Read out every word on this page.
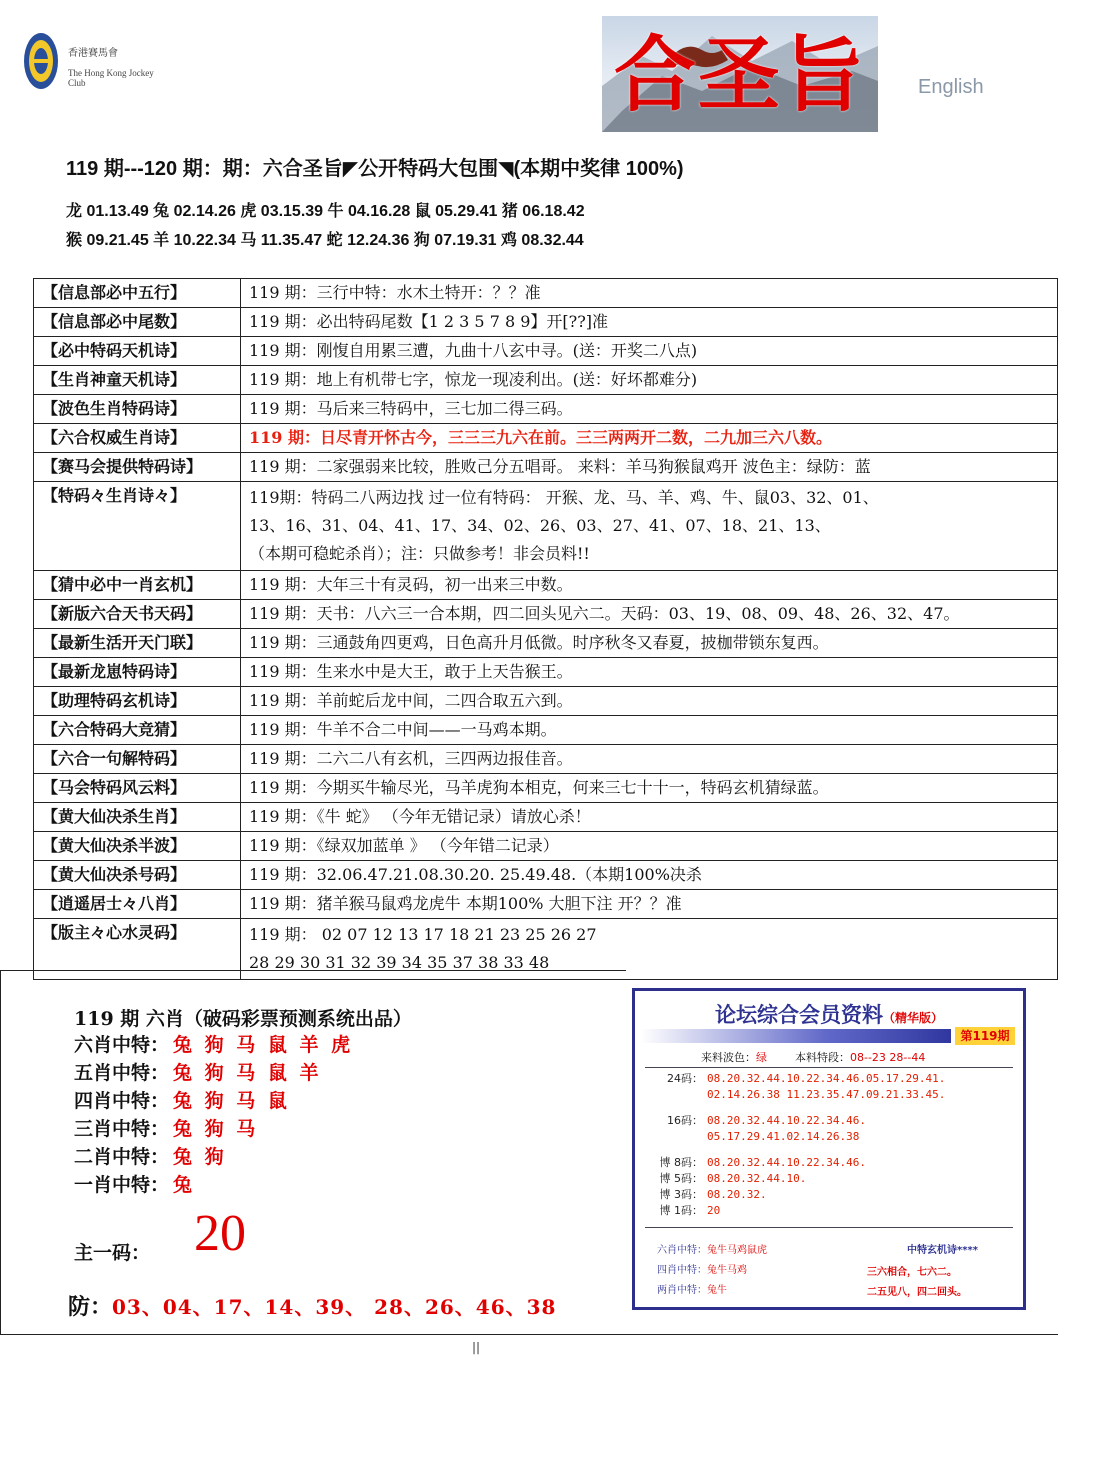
香港賽馬會
The Hong Kong Jockey Club	合圣旨	English
119 期---120 期：期：六合圣旨◤公开特码大包围◥(本期中奖律 100%)
龙 01.13.49 兔 02.14.26 虎 03.15.39 牛 04.16.28 鼠 05.29.41 猪 06.18.42
猴 09.21.45 羊 10.22.34 马 11.35.47 蛇 12.24.36 狗 07.19.31 鸡 08.32.44
【信息部必中五行】	119 期：三行中特：水木土特开：？？准

【信息部必中尾数】	119 期：必出特码尾数【1 2 3 5 7 8 9】开[??]准

【必中特码天机诗】	119 期：刚愎自用累三遭，九曲十八玄中寻。(送：开奖二八点)

【生肖神童天机诗】	119 期：地上有机带七字，惊龙一现凌利出。(送：好坏都难分)

【波色生肖特码诗】	119 期：马后来三特码中，三七加二得三码。

【六合权威生肖诗】	119 期：日尽青开怀古今，三三三九六在前。三三两两开二数，二九加三六八数。

【赛马会提供特码诗】	119 期：二家强弱来比较，胜败己分五唱哥。 来料：羊马狗猴鼠鸡开 波色主：绿防：蓝

【特码々生肖诗々】	119期：特码二八两边找 过一位有特码： 开猴、龙、马、羊、鸡、牛、鼠03、32、01、
13、16、31、04、41、17、34、02、26、03、27、41、07、18、21、13、
（本期可稳蛇杀肖）；注：只做参考！非会员料!!

【猜中必中一肖玄机】	119 期：大年三十有灵码，初一出来三中数。

【新版六合天书天码】	119 期：天书：八六三一合本期，四二回头见六二。天码：03、19、08、09、48、26、32、47。

【最新生活开天门联】	119 期：三通鼓角四更鸡，日色高升月低微。时序秋冬又春夏，披枷带锁东复西。

【最新龙崽特码诗】	119 期：生来水中是大王，敢于上天告猴王。

【助理特码玄机诗】	119 期：羊前蛇后龙中间，二四合取五六到。

【六合特码大竞猜】	119 期：牛羊不合二中间——一马鸡本期。

【六合一句解特码】	119 期：二六二八有玄机，三四两边报佳音。

【马会特码风云料】	119 期：今期买牛输尽光，马羊虎狗本相克，何来三七十十一，特码玄机猜绿蓝。

【黄大仙决杀生肖】	119 期：《牛 蛇》 （今年无错记录）请放心杀！

【黄大仙决杀半波】	119 期：《绿双加蓝单 》 （今年错二记录）

【黄大仙决杀号码】	119 期：32.06.47.21.08.30.20. 25.49.48.（本期100%决杀

【逍遥居士々八肖】	119 期：猪羊猴马鼠鸡龙虎牛 本期100% 大胆下注 开？？准

【版主々心水灵码】	119 期： 02 07 12 13 17 18 21 23 25 26 27
28 29 30 31 32 39 34 35 37 38 33 48
119 期 六肖（破码彩票预测系统出品）
六肖中特： 兔 狗 马 鼠 羊 虎
五肖中特： 兔 狗 马 鼠 羊
四肖中特： 兔 狗 马 鼠
三肖中特： 兔 狗 马
二肖中特： 兔 狗
一肖中特： 兔
主一码： 20
防：03、04、17、14、39、 28、26、46、38
论坛综合会员资料（精华版）
第119期
来料波色：绿	本料特段：08--23 28--44
24码： 08.20.32.44.10.22.34.46.05.17.29.41.
02.14.26.38 11.23.35.47.09.21.33.45.
16码： 08.20.32.44.10.22.34.46.
05.17.29.41.02.14.26.38
博 8码： 08.20.32.44.10.22.34.46.
博 5码： 08.20.32.44.10.
博 3码： 08.20.32.
博 1码： 20
六肖中特：兔牛马鸡鼠虎
四肖中特：兔牛马鸡
两肖中特：兔牛
中特玄机诗****
三六相合，七六二。
二五见八，四二回头。
||
